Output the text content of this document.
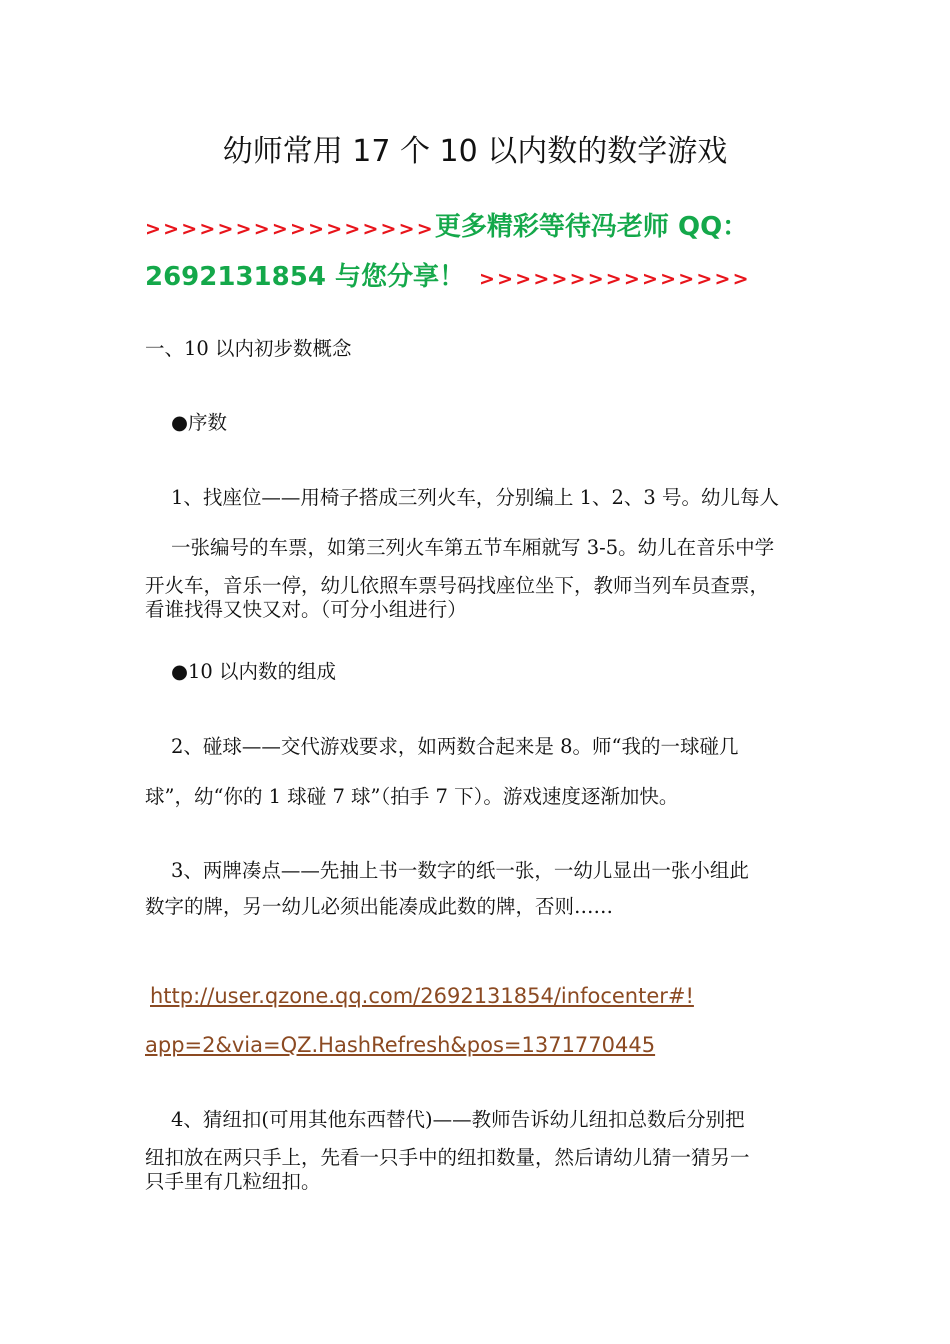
幼师常用 17 个 10 以内数的数学游戏
>>>>>>>>>>>>>>>>更多精彩等待冯老师 QQ：
2692131854 与您分享！ >>>>>>>>>>>>>>>
一、10 以内初步数概念
●序数
1、找座位——用椅子搭成三列火车，分别编上 1、2、3 号。幼儿每人
一张编号的车票，如第三列火车第五节车厢就写 3-5。幼儿在音乐中学
开火车，音乐一停，幼儿依照车票号码找座位坐下，教师当列车员查票，
看谁找得又快又对。（可分小组进行）
●10 以内数的组成
2、碰球——交代游戏要求，如两数合起来是 8。师“我的一球碰几
球”，幼“你的 1 球碰 7 球”（拍手 7 下）。游戏速度逐渐加快。
3、两牌凑点——先抽上书一数字的纸一张，一幼儿显出一张小组此
数字的牌，另一幼儿必须出能凑成此数的牌，否则……
http://user.qzone.qq.com/2692131854/infocenter#!
app=2&via=QZ.HashRefresh&pos=1371770445
4、猜纽扣(可用其他东西替代)——教师告诉幼儿纽扣总数后分别把
纽扣放在两只手上，先看一只手中的纽扣数量，然后请幼儿猜一猜另一
只手里有几粒纽扣。
